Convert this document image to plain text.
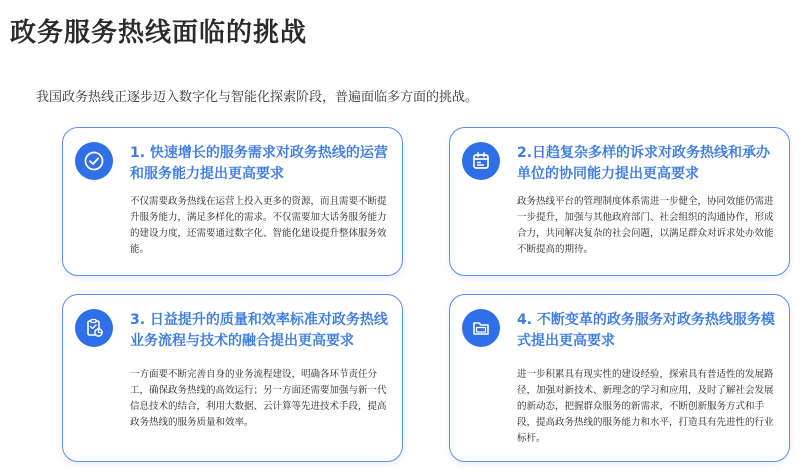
政务服务热线面临的挑战
我国政务热线正逐步迈入数字化与智能化探索阶段，普遍面临多方面的挑战。
1. 快速增长的服务需求对政务热线的运营和服务能力提出更高要求
不仅需要政务热线在运营上投入更多的资源，而且需要不断提升服务能力，满足多样化的需求。不仅需要加大话务服务能力的建设力度，还需要通过数字化、智能化建设提升整体服务效能。
2.日趋复杂多样的诉求对政务热线和承办单位的协同能力提出更高要求
政务热线平台的管理制度体系需进一步健全，协同效能仍需进一步提升，加强与其他政府部门、社会组织的沟通协作，形成合力，共同解决复杂的社会问题，以满足群众对诉求处办效能不断提高的期待。
3. 日益提升的质量和效率标准对政务热线业务流程与技术的融合提出更高要求
一方面要不断完善自身的业务流程建设，明确各环节责任分工，确保政务热线的高效运行；另一方面还需要加强与新一代信息技术的结合，利用大数据、云计算等先进技术手段，提高政务热线的服务质量和效率。
4. 不断变革的政务服务对政务热线服务模式提出更高要求
进一步积累具有现实性的建设经验，探索具有普适性的发展路径，加强对新技术、新理念的学习和应用，及时了解社会发展的新动态，把握群众服务的新需求，不断创新服务方式和手段，提高政务热线的服务能力和水平，打造具有先进性的行业标杆。
